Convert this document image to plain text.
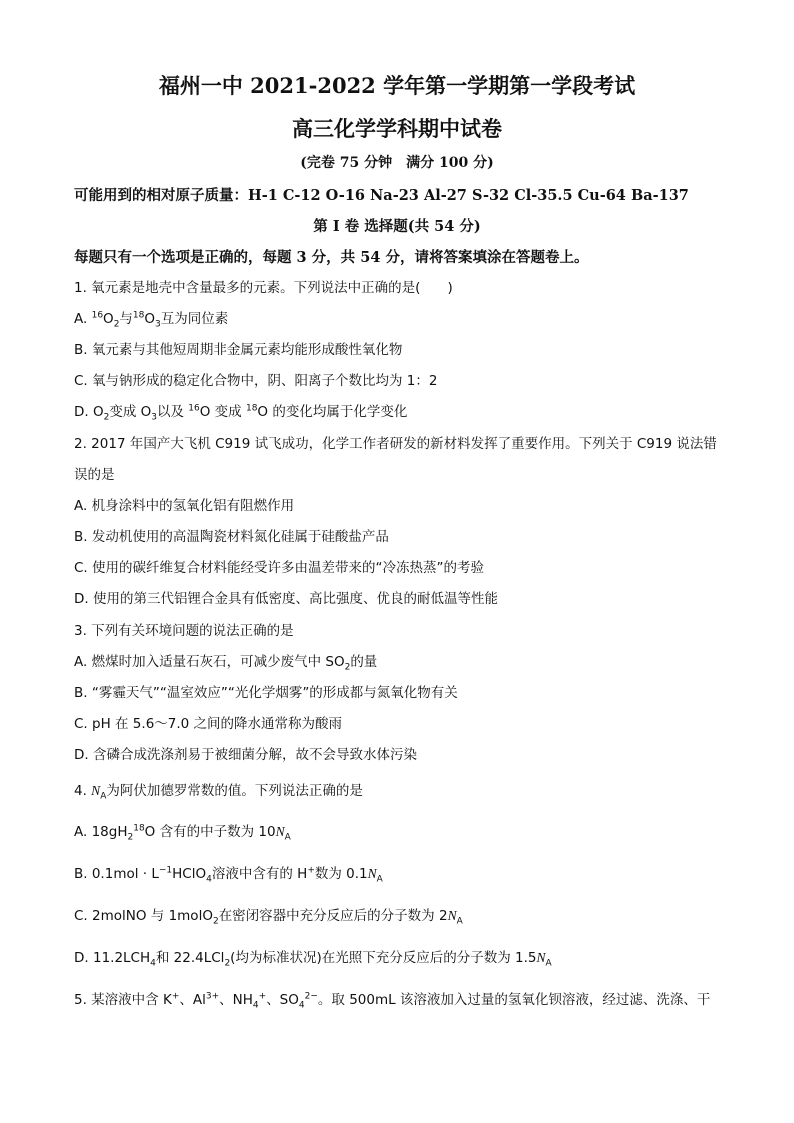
福州一中 2021-2022 学年第一学期第一学段考试
高三化学学科期中试卷
(完卷 75 分钟　满分 100 分)
可能用到的相对原子质量：H-1 C-12 O-16 Na-23 Al-27 S-32 Cl-35.5 Cu-64 Ba-137
第 I 卷 选择题(共 54 分)
每题只有一个选项是正确的，每题 3 分，共 54 分，请将答案填涂在答题卷上。
1. 氧元素是地壳中含量最多的元素。下列说法中正确的是(　　)
A. $^{16}O_2$与$^{18}O_3$互为同位素
B. 氧元素与其他短周期非金属元素均能形成酸性氧化物
C. 氧与钠形成的稳定化合物中，阴、阳离子个数比均为 1：2
D. $O_2$变成 $O_3$以及 $^{16}$O 变成 $^{18}$O 的变化均属于化学变化
2. 2017 年国产大飞机 C919 试飞成功，化学工作者研发的新材料发挥了重要作用。下列关于 C919 说法错
误的是
A. 机身涂料中的氢氧化铝有阻燃作用
B. 发动机使用的高温陶瓷材料氮化硅属于硅酸盐产品
C. 使用的碳纤维复合材料能经受许多由温差带来的“冷冻热蒸”的考验
D. 使用的第三代铝锂合金具有低密度、高比强度、优良的耐低温等性能
3. 下列有关环境问题的说法正确的是
A. 燃煤时加入适量石灰石，可减少废气中 $SO_2$的量
B. “雾霾天气”“温室效应”“光化学烟雾”的形成都与氮氧化物有关
C. pH 在 5.6～7.0 之间的降水通常称为酸雨
D. 含磷合成洗涤剂易于被细菌分解，故不会导致水体污染
4. $N_A$为阿伏加德罗常数的值。下列说法正确的是
A. $18gH_2^{18}O$ 含有的中子数为 $10N_A$
B. $0.1mol \cdot L^{-1}HClO_4$溶液中含有的 H+数为 $0.1N_A$
C. 2molNO 与 1molO$_2$在密闭容器中充分反应后的分子数为 $2N_A$
D. $11.2LCH_4$和 22.4LCl$_2$(均为标准状况)在光照下充分反应后的分子数为 $1.5N_A$
5. 某溶液中含 K+、$Al^{3+}$、$NH_4^+$、$SO_4^{2-}$。取 500mL 该溶液加入过量的氢氧化钡溶液，经过滤、洗涤、干
